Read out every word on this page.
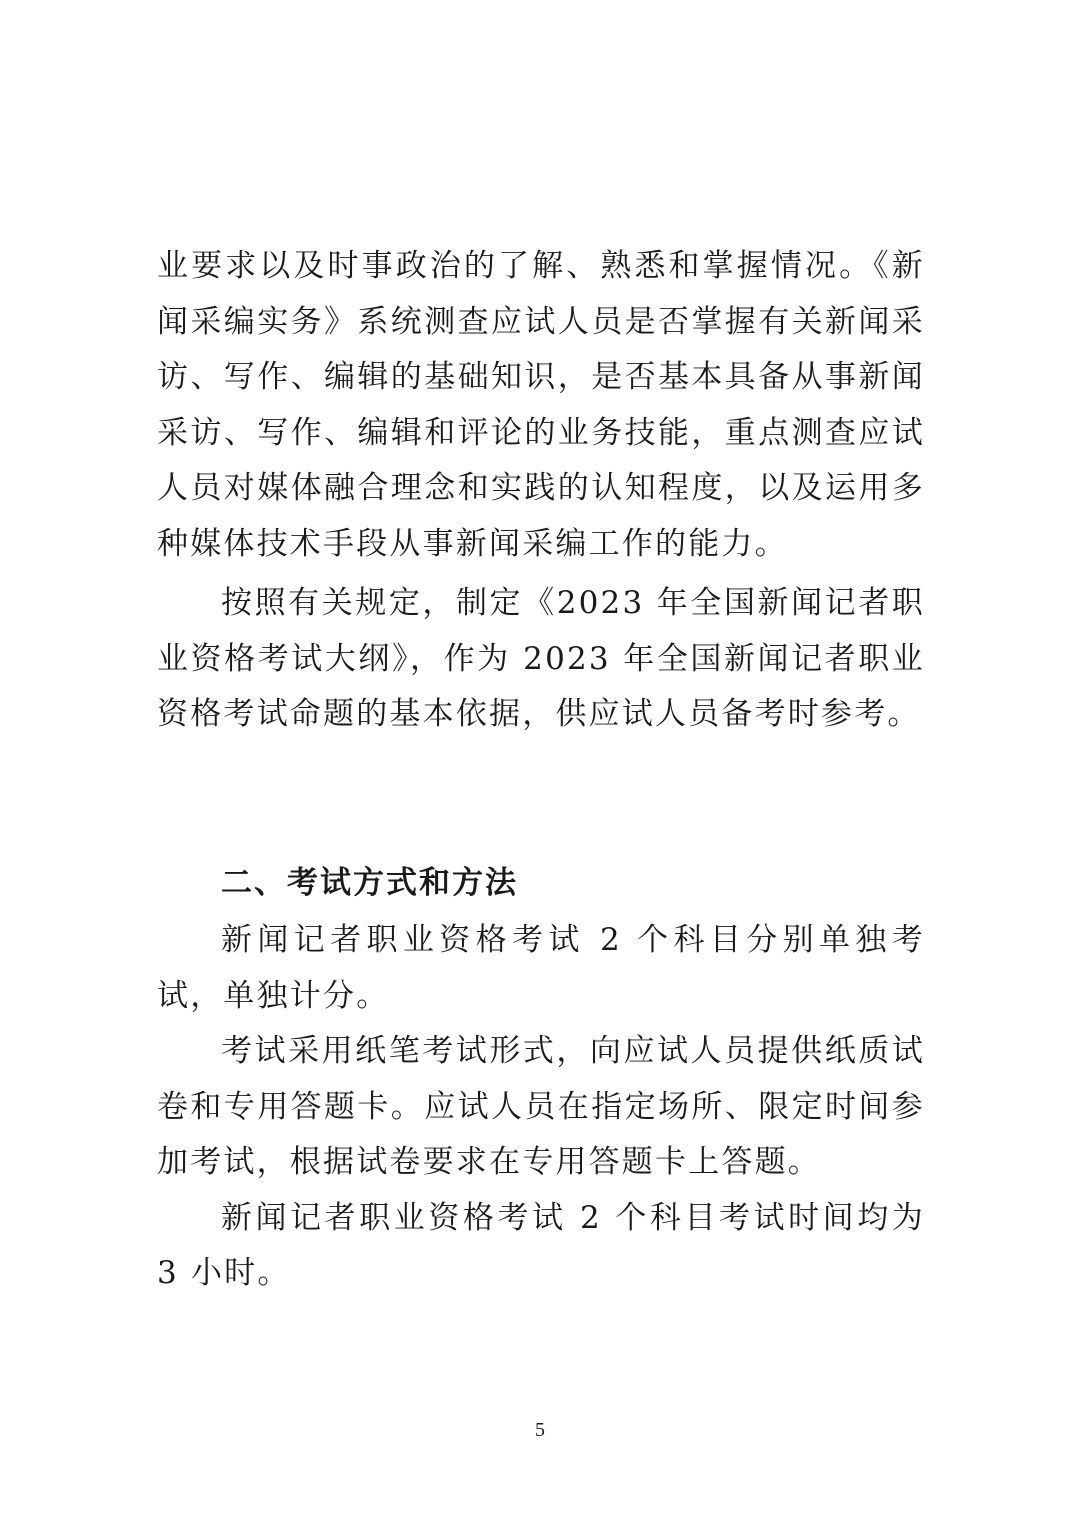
业要求以及时事政治的了解、熟悉和掌握情况。《新闻采编实务》系统测查应试人员是否掌握有关新闻采访、写作、编辑的基础知识，是否基本具备从事新闻采访、写作、编辑和评论的业务技能，重点测查应试人员对媒体融合理念和实践的认知程度，以及运用多种媒体技术手段从事新闻采编工作的能力。

按照有关规定，制定《2023 年全国新闻记者职业资格考试大纲》，作为 2023 年全国新闻记者职业资格考试命题的基本依据，供应试人员备考时参考。

二、考试方式和方法

新闻记者职业资格考试 2 个科目分别单独考试，单独计分。

考试采用纸笔考试形式，向应试人员提供纸质试卷和专用答题卡。应试人员在指定场所、限定时间参加考试，根据试卷要求在专用答题卡上答题。

新闻记者职业资格考试 2 个科目考试时间均为 3 小时。

5
